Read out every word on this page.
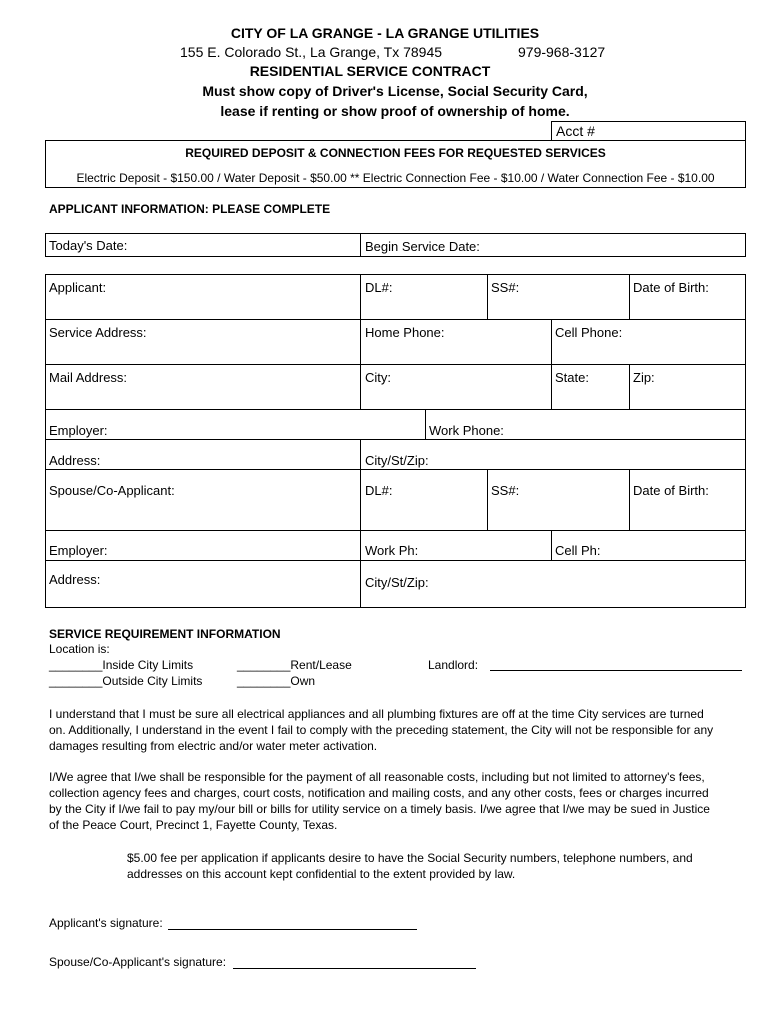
CITY OF LA GRANGE - LA GRANGE UTILITIES
155 E. Colorado St., La Grange, Tx 78945	979-968-3127
RESIDENTIAL SERVICE CONTRACT
Must show copy of Driver's License, Social Security Card,
lease if renting or show proof of ownership of home.
Acct #
REQUIRED DEPOSIT & CONNECTION FEES FOR REQUESTED SERVICES
Electric Deposit - $150.00 / Water Deposit - $50.00 ** Electric Connection Fee - $10.00 / Water Connection Fee - $10.00
APPLICANT INFORMATION: PLEASE COMPLETE
Today's Date:	Begin Service Date:
Applicant:	DL#:	SS#:	Date of Birth:
Service Address:	Home Phone:	Cell Phone:
Mail Address:	City:	State:	Zip:
Employer:	Work Phone:
Address:	City/St/Zip:
Spouse/Co-Applicant:	DL#:	SS#:	Date of Birth:
Employer:	Work Ph:	Cell Ph:
Address:	City/St/Zip:
SERVICE REQUIREMENT INFORMATION
Location is:
________Inside City Limits
________Outside City Limits
________Rent/Lease
________Own
Landlord:
I understand that I must be sure all electrical appliances and all plumbing fixtures are off at the time City services are turned on. Additionally, I understand in the event I fail to comply with the preceding statement, the City will not be responsible for any damages resulting from electric and/or water meter activation.
I/We agree that I/we shall be responsible for the payment of all reasonable costs, including but not limited to attorney's fees, collection agency fees and charges, court costs, notification and mailing costs, and any other costs, fees or charges incurred by the City if I/we fail to pay my/our bill or bills for utility service on a timely basis. I/we agree that I/we may be sued in Justice of the Peace Court, Precinct 1, Fayette County, Texas.
$5.00 fee per application if applicants desire to have the Social Security numbers, telephone numbers, and addresses on this account kept confidential to the extent provided by law.
Applicant's signature:
Spouse/Co-Applicant's signature:
